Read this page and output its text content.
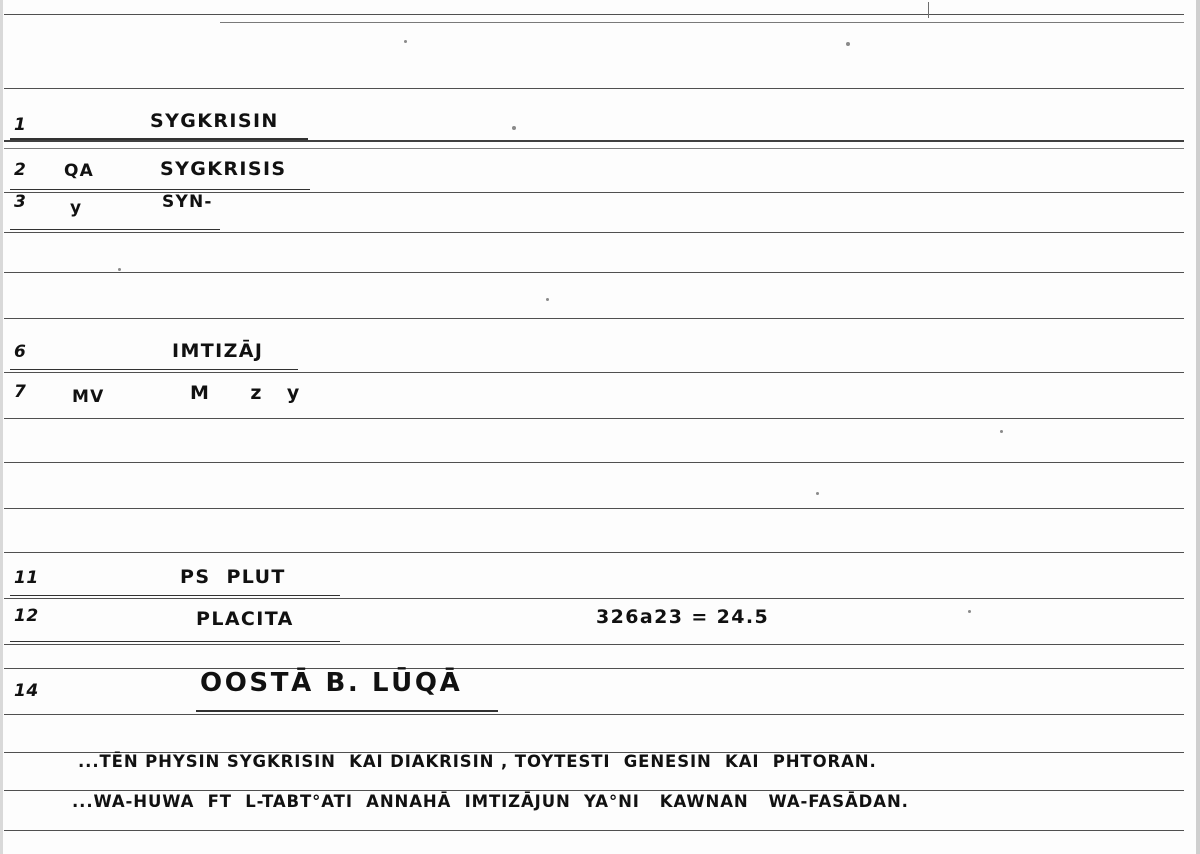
1	SYGKRISIN
2 QA	SYGKRISIS
3	y	SYN-
6	IMTIZĀJ
7	MV	M     z   y
11	PS  PLUT
12	PLACITA	326a23 = 24.5
14	OOSTĀ B. LŪQĀ
...TĒN PHYSIN SYGKRISIN  KAI DIAKRISIN , TOYTESTI  GENESIN  KAI  PHTORAN.
...WA-HUWA  FT  L-TABT°ATI  ANNAHĀ  IMTIZĀJUN  YA°NI   KAWNAN   WA-FASĀDAN.
